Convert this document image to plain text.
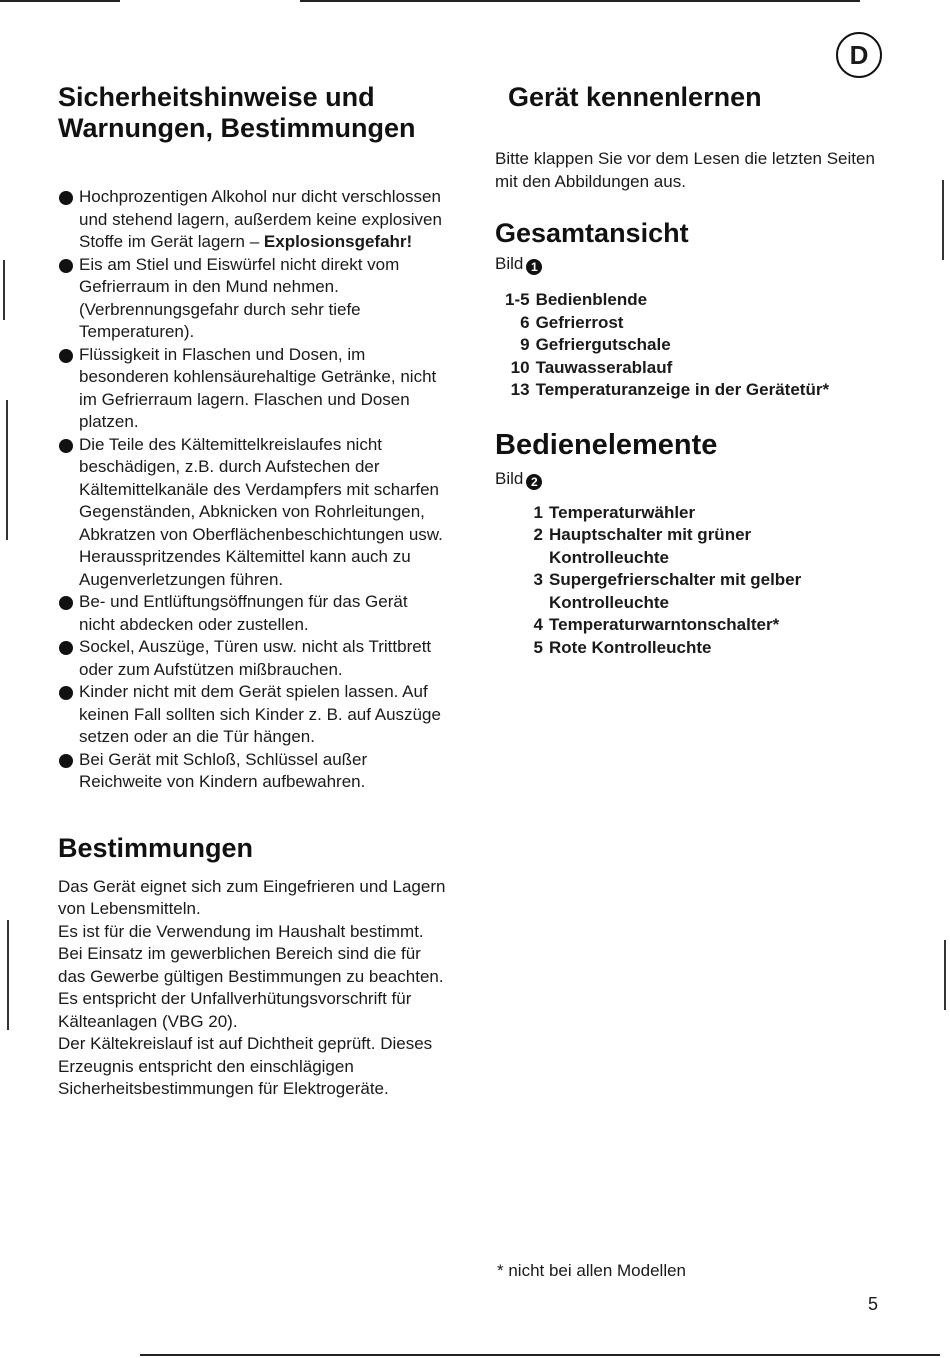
D
Sicherheitshinweise und Warnungen, Bestimmungen
Hochprozentigen Alkohol nur dicht verschlossen und stehend lagern, außerdem keine explosiven Stoffe im Gerät lagern – Explosionsgefahr!
Eis am Stiel und Eiswürfel nicht direkt vom Gefrierraum in den Mund nehmen. (Verbrennungsgefahr durch sehr tiefe Temperaturen).
Flüssigkeit in Flaschen und Dosen, im besonderen kohlensäurehaltige Getränke, nicht im Gefrierraum lagern. Flaschen und Dosen platzen.
Die Teile des Kältemittelkreislaufes nicht beschädigen, z.B. durch Aufstechen der Kältemittelkanäle des Verdampfers mit scharfen Gegenständen, Abknicken von Rohrleitungen, Abkratzen von Oberflächenbeschichtungen usw. Herausspritzendes Kältemittel kann auch zu Augenverletzungen führen.
Be- und Entlüftungsöffnungen für das Gerät nicht abdecken oder zustellen.
Sockel, Auszüge, Türen usw. nicht als Trittbrett oder zum Aufstützen mißbrauchen.
Kinder nicht mit dem Gerät spielen lassen. Auf keinen Fall sollten sich Kinder z. B. auf Auszüge setzen oder an die Tür hängen.
Bei Gerät mit Schloß, Schlüssel außer Reichweite von Kindern aufbewahren.
Bestimmungen
Das Gerät eignet sich zum Eingefrieren und Lagern von Lebensmitteln.
Es ist für die Verwendung im Haushalt bestimmt.
Bei Einsatz im gewerblichen Bereich sind die für das Gewerbe gültigen Bestimmungen zu beachten.
Es entspricht der Unfallverhütungsvorschrift für Kälteanlagen (VBG 20).
Der Kältekreislauf ist auf Dichtheit geprüft. Dieses Erzeugnis entspricht den einschlägigen Sicherheitsbestimmungen für Elektrogeräte.
Gerät kennenlernen
Bitte klappen Sie vor dem Lesen die letzten Seiten mit den Abbildungen aus.
Gesamtansicht
Bild 1
1-5	Bedienblende
6	Gefrierrost
9	Gefriergutschale
10	Tauwasserablauf
13	Temperaturanzeige in der Gerätetür*
Bedienelemente
Bild 2
1	Temperaturwähler
2	Hauptschalter mit grüner Kontrolleuchte
3	Supergefrierschalter mit gelber Kontrolleuchte
4	Temperaturwarntonschalter*
5	Rote Kontrolleuchte
* nicht bei allen Modellen
5
